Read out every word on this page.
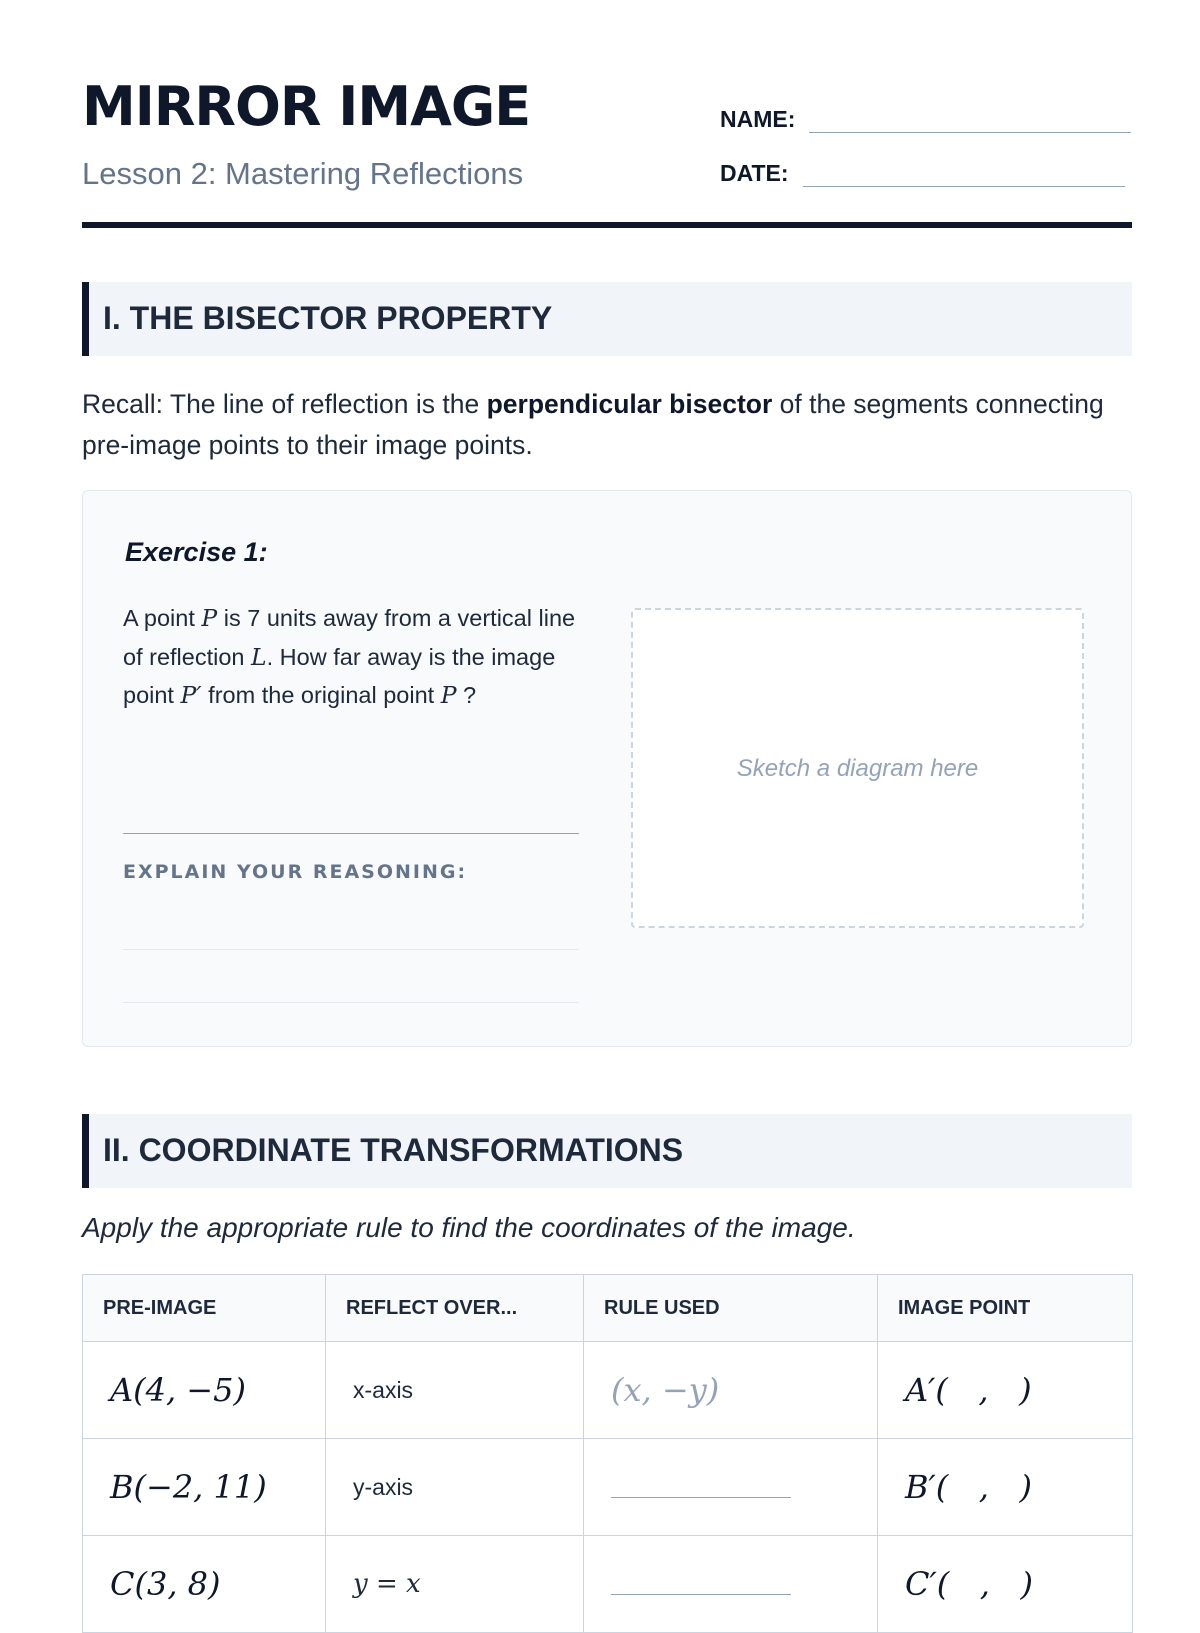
MIRROR IMAGE
Lesson 2: Mastering Reflections
NAME:
DATE:
I. THE BISECTOR PROPERTY
Recall: The line of reflection is the perpendicular bisector of the segments connecting pre-image points to their image points.
Exercise 1:
A point P is 7 units away from a vertical line of reflection L. How far away is the image point P′ from the original point P ?
EXPLAIN YOUR REASONING:
Sketch a diagram here
II. COORDINATE TRANSFORMATIONS
Apply the appropriate rule to find the coordinates of the image.
PRE-IMAGE	REFLECT OVER...	RULE USED	IMAGE POINT
A(4, −5)	x-axis	(x, −y)	A′(   ,   )
B(−2, 11)	y-axis		B′(   ,   )
C(3, 8)	y = x		C′(   ,   )
